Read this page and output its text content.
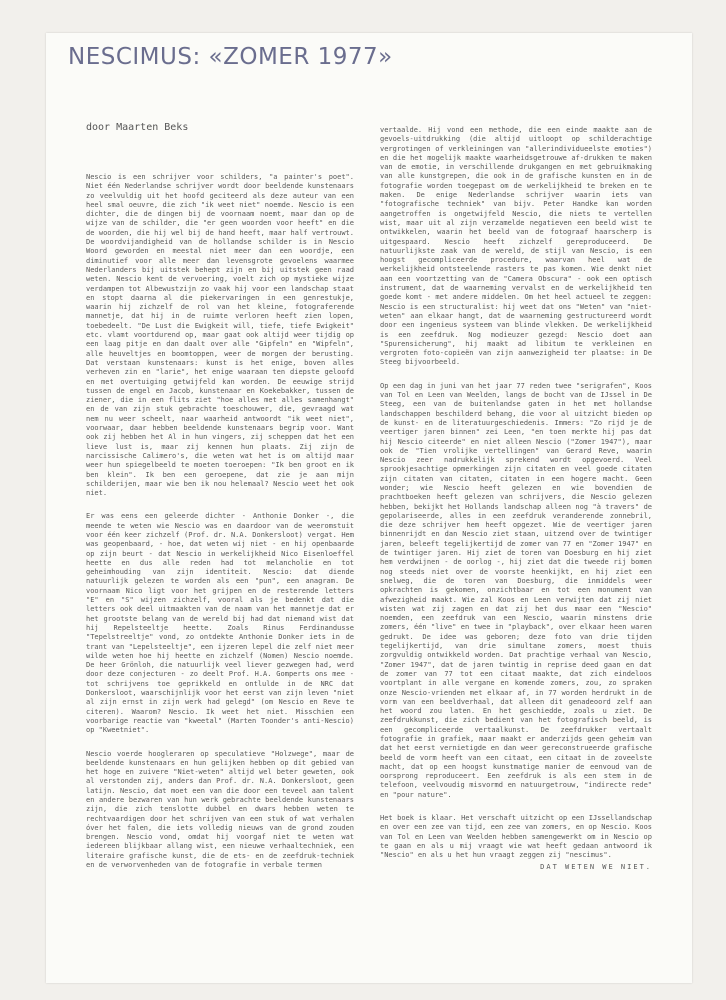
NESCIMUS: «ZOMER 1977»
door Maarten Beks

Nescio is een schrijver voor schilders, "a painter's poet". Niet één Nederlandse schrijver wordt door beeldende kunstenaars zo veelvuldig uit het hoofd geciteerd als deze auteur van een heel smal oeuvre, die zich "ik weet niet" noemde. Nescio is een dichter, die de dingen bij de voornaam noemt, maar dan op de wijze van de schilder, die "er geen woorden voor heeft" en die de woorden, die hij wel bij de hand heeft, maar half vertrouwt. De woordvijandigheid van de hollandse schilder is in Nescio Woord geworden en meestal niet meer dan een woordje, een diminutief voor alle meer dan levensgrote gevoelens waarmee Nederlanders bij uitstek behept zijn en bij uitstek geen raad weten. Nescio kent de vervoering, voelt zich op mystieke wijze verdampen tot Albewustzijn zo vaak hij voor een landschap staat en stopt daarna al die piekervaringen in een genrestukje, waarin hij zichzelf de rol van het kleine, fotograferende mannetje, dat hij in de ruimte verloren heeft zien lopen, toebedeelt. "De Lust die Ewigkeit will, tiefe, tiefe Ewigkeit" etc. vlamt voortdurend op, maar gaat ook altijd weer tijdig op een laag pitje en dan daalt over alle "Gipfeln" en "Wipfeln", alle heuveltjes en boomtoppen, weer de morgen der berusting. Dat verstaan kunstenaars: kunst is het enige, boven alles verheven zin en "larie", het enige waaraan ten diepste geloofd en met overtuiging getwijfeld kan worden. De eeuwige strijd tussen de engel en Jacob, kunstenaar en Koekebakker, tussen de ziener, die in een flits ziet "hoe alles met alles samenhangt" en de van zijn stuk gebrachte toeschouwer, die, gevraagd wat nem nu weer scheelt, naar waarheid antwoordt "ik weet niet", voorwaar, daar hebben beeldende kunstenaars begrip voor. Want ook zij hebben het Al in hun vingers, zij scheppen dat het een lieve lust is, maar zij kennen hun plaats. Zij zijn de narcissische Calimero's, die weten wat het is om altijd maar weer hun spiegelbeeld te moeten toeroepen: "Ik ben groot en ik ben klein". Ik ben een geroepene, dat zie je aan mijn schilderijen, maar wie ben ik nou helemaal? Nescio weet het ook niet.

Er was eens een geleerde dichter - Anthonie Donker -, die meende te weten wie Nescio was en daardoor van de weeromstuit voor één keer zichzelf (Prof. dr. N.A. Donkersloot) vergat. Hem was geopenbaard, - hoe, dat weten wij niet - en hij openbaarde op zijn beurt - dat Nescio in werkelijkheid Nico Eisenloeffel heette en dus alle reden had tot melancholie en tot geheimhouding van zijn identiteit. Nescio: dat diende natuurlijk gelezen te worden als een "pun", een anagram. De voornaam Nico ligt voor het grijpen en de resterende letters "E" en "S" wijzen zichzelf, vooral als je bedenkt dat die letters ook deel uitmaakten van de naam van het mannetje dat er het grootste belang van de wereld bij had dat niemand wist dat hij Repelsteeltje heette. Zoals Rinus Ferdinandusse "Tepelstreeltje" vond, zo ontdekte Anthonie Donker iets in de trant van "Lepelsteeltje", een ijzeren lepel die zelf niet meer wilde weten hoe hij heette en zichzelf (Nomen) Nescio noemde. De heer Grönloh, die natuurlijk veel liever gezwegen had, werd door deze conjecturen - zo deelt Prof. H.A. Gomperts ons mee - tot schrijvens toe geprikkeld en ontlulde in de NRC dat Donkersloot, waarschijnlijk voor het eerst van zijn leven "niet al zijn ernst in zijn werk had gelegd" (om Nescio en Reve te citeren). Waarom? Nescio. Ik weet het niet. Misschien een voorbarige reactie van "kweetal" (Marten Toonder's anti-Nescio) op "Kweetniet".

Nescio voerde hoogleraren op speculatieve "Holzwege", maar de beeldende kunstenaars en hun gelijken hebben op dit gebied van het hoge en zuivere "Niet-weten" altijd wel beter geweten, ook al verstonden zij, anders dan Prof. dr. N.A. Donkersloot, geen latijn. Nescio, dat moet een van die door een teveel aan talent en andere bezwaren van hun werk gebrachte beeldende kunstenaars zijn, die zich tenslotte dubbel en dwars hebben weten te rechtvaardigen door het schrijven van een stuk of wat verhalen óver het falen, die iets volledig nieuws van de grond zouden brengen. Nescio vond, omdat hij voorgaf niet te weten wat iedereen blijkbaar allang wist, een nieuwe verhaaltechniek, een literaire grafische kunst, die de ets- en de zeefdruk-techniek en de verworvenheden van de fotografie in verbale termen

vertaalde. Hij vond een methode, die een einde maakte aan de gevoels-uitdrukking (die altijd uitloopt op schilderachtige vergrotingen of verkleiningen van "allerindividueelste emoties") en die het mogelijk maakte waarheidsgetrouwe af-drukken te maken van de emotie, in verschillende drukgangen en met gebruikmaking van alle kunstgrepen, die ook in de grafische kunsten en in de fotografie worden toegepast om de werkelijkheid te breken en te maken. De enige Nederlandse schrijver waarin iets van "fotografische techniek" van bijv. Peter Handke kan worden aangetroffen is ongetwijfeld Nescio, die niets te vertellen wist, maar uit al zijn verzamelde negatieven een beeld wist te ontwikkelen, waarin het beeld van de fotograaf haarscherp is uitgespaard. Nescio heeft zichzelf gereproduceerd. De natuurlijkste zaak van de wereld, de stijl van Nescio, is een hoogst gecompliceerde procedure, waarvan heel wat de werkelijkheid ontsteelende rasters te pas komen. Wie denkt niet aan een voortzetting van de "Camera Obscura" - ook een optisch instrument, dat de waarneming vervalst en de werkelijkheid ten goede komt - met andere middelen. Om het heel actueel te zeggen: Nescio is een structuralist: hij weet dat ons "Weten" van "niet-weten" aan elkaar hangt, dat de waarneming gestructureerd wordt door een ingenieus systeem van blinde vlekken. De werkelijkheid is een zeefdruk. Nog modieuzer gezegd: Nescio doet aan "Spurensicherung", hij maakt ad libitum te verkleinen en vergroten foto-copieën van zijn aanwezigheid ter plaatse: in De Steeg bijvoorbeeld.

Op een dag in juni van het jaar 77 reden twee "serigrafen", Koos van Tol en Leen van Weelden, langs de bocht van de IJssel in De Steeg, een van de buitenlandse gaten in het met hollandse landschappen beschilderd behang, die voor al uitzicht bieden op de kunst- en de literatuurgeschiedenis. Immers: "Zo rijd je de veertiger jaren binnen" zei Leen, "en toen merkte hij pas dat hij Nescio citeerde" en niet alleen Nescio ("Zomer 1947"), maar ook de "Tien vrolijke vertellingen" van Gerard Reve, waarin Nescio zeer nadrukkelijk sprekend wordt opgevoerd. Veel sprookjesachtige opmerkingen zijn citaten en veel goede citaten zijn citaten van citaten, citaten in een hogere macht. Geen wonder; wie Nescio heeft gelezen en wie bovendien de prachtboeken heeft gelezen van schrijvers, die Nescio gelezen hebben, bekijkt het Hollands landschap alleen nog "à travers" de gepolariseerde, alles in een zeefdruk veranderende zonnebril, die deze schrijver hem heeft opgezet. Wie de veertiger jaren binnenrijdt en dan Nescio ziet staan, uitzend over de twintiger jaren, beleeft tegelijkertijd de zomer van 77 en "Zomer 1947" en de twintiger jaren. Hij ziet de toren van Doesburg en hij ziet hem verdwijnen - de oorlog -, hij ziet dat die tweede rij bomen nog steeds niet over de voorste heenkijkt, en hij ziet een snelweg, die de toren van Doesburg, die inmiddels weer opkrachten is gekomen, onzichtbaar en tot een monument van afwezigheid maakt. Wie zal Koos en Leen verwijten dat zij niet wisten wat zij zagen en dat zij het dus maar een "Nescio" noemden, een zeefdruk van een Nescio, waarin minstens drie zomers, één "live" en twee in "playback", over elkaar heen waren gedrukt. De idee was geboren; deze foto van drie tijden tegelijkertijd, van drie simultane zomers, moest thuis zorgvuldig ontwikkeld worden. Dat prachtige verhaal van Nescio, "Zomer 1947", dat de jaren twintig in reprise deed gaan en dat de zomer van 77 tot een citaat maakte, dat zich eindeloos voortplant in alle vergane en komende zomers, zou, zo spraken onze Nescio-vrienden met elkaar af, in 77 worden herdrukt in de vorm van een beeldverhaal, dat alleen dit genadeoord zelf aan het woord zou laten. En het geschiedde, zoals u ziet. De zeefdrukkunst, die zich bedient van het fotografisch beeld, is een gecompliceerde vertaalkunst. De zeefdrukker vertaalt fotografie in grafiek, maar maakt er anderzijds geen geheim van dat het eerst vernietigde en dan weer gereconstrueerde grafische beeld de vorm heeft van een citaat, een citaat in de zoveelste macht, dat op een hoogst kunstmatige manier de eenvoud van de oorsprong reproduceert. Een zeefdruk is als een stem in de telefoon, veelvoudig misvormd en natuurgetrouw, "indirecte rede" en "pour nature".

Het boek is klaar. Het verschaft uitzicht op een IJssellandschap en over een zee van tijd, een zee van zomers, en op Nescio. Koos van Tol en Leen van Weelden hebben samengewerkt om in Nescio op te gaan en als u mij vraagt wie wat heeft gedaan antwoord ik "Nescio" en als u het hun vraagt zeggen zij "nescimus".

DAT WETEN WE NIET.
